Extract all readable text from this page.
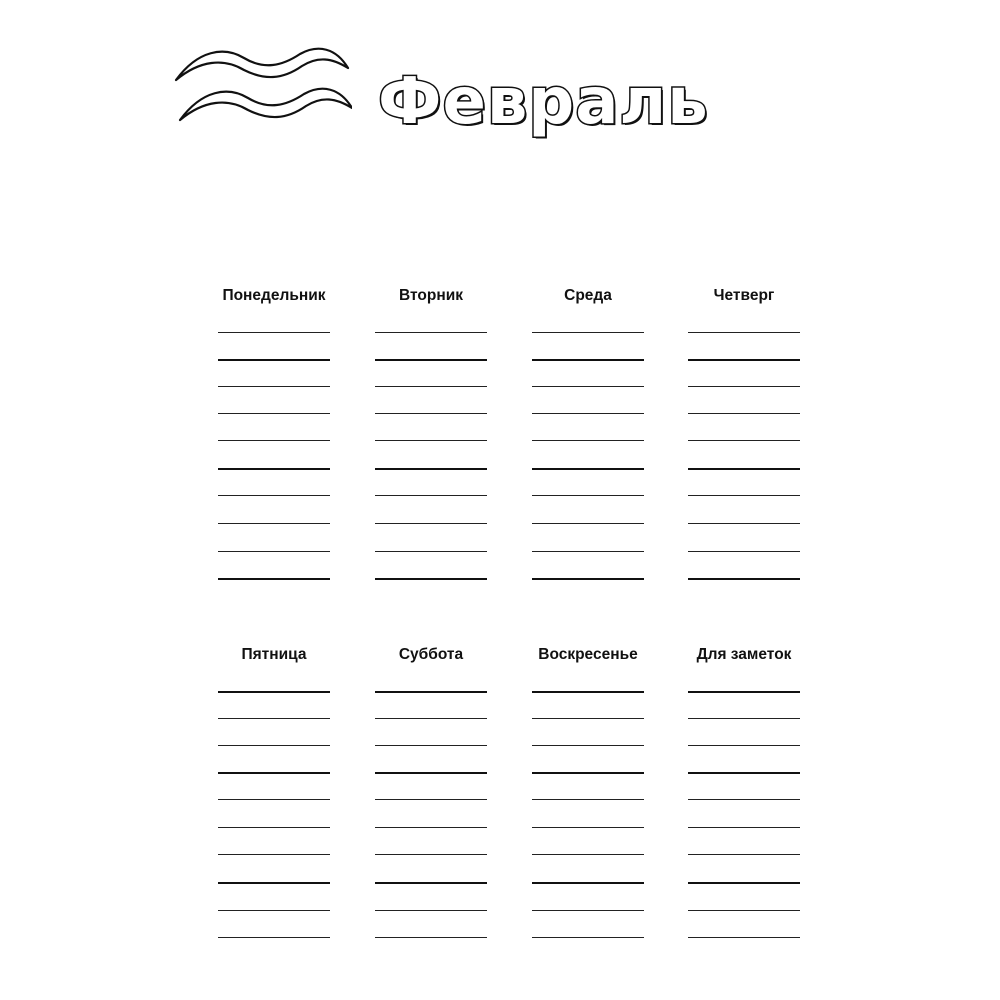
Февраль
Понедельник	Вторник	Среда	Четверг
Пятница	Суббота	Воскресенье	Для заметок
